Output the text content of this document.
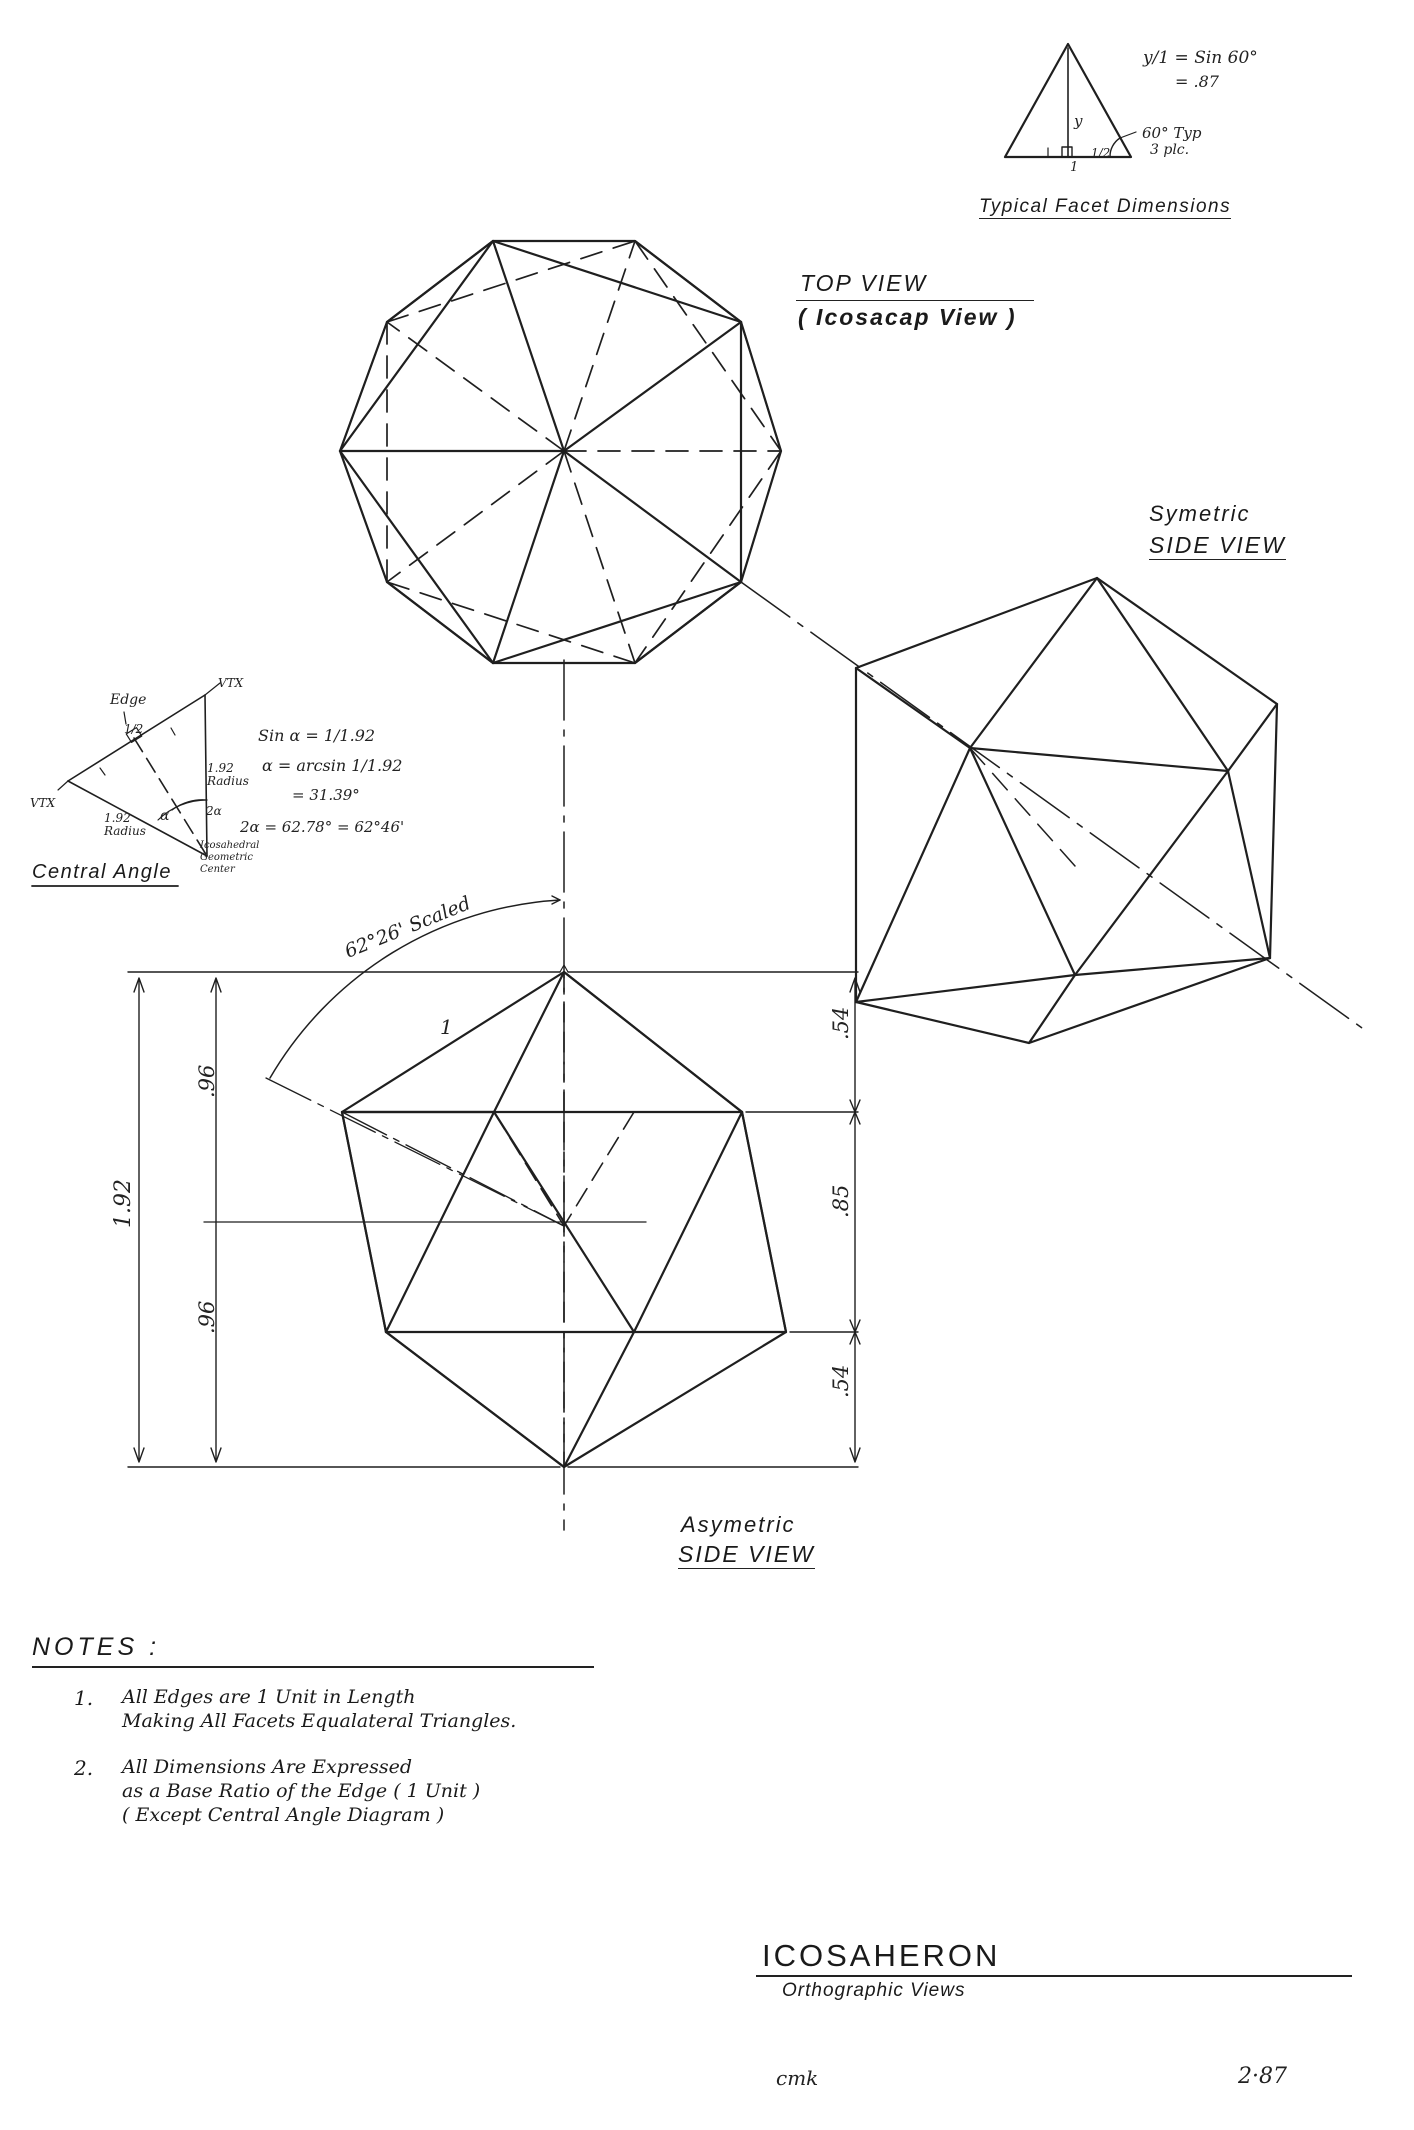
1.92
.96
.96
.54
.85
.54
62°26' Scaled
1
y/1 = Sin 60°
= .87
y
1/2
1
60° Typ
3 plc.
Typical Facet Dimensions
TOP VIEW
( Icosacap View )
Symetric
SIDE VIEW
Asymetric
SIDE VIEW
Edge
VTX
VTX
1/2
1.92 Radius
1.92 Radius
α	2α
Icosahedral Geometric Center
Sin α = 1/1.92
α = arcsin 1/1.92
= 31.39°
2α = 62.78° = 62°46'
Central Angle
NOTES :
1. All Edges are 1 Unit in Length
Making All Facets Equalateral Triangles.
2. All Dimensions Are Expressed
as a Base Ratio of the Edge ( 1 Unit )
( Except Central Angle Diagram )
ICOSAHERON
Orthographic Views
cmk	2·87
